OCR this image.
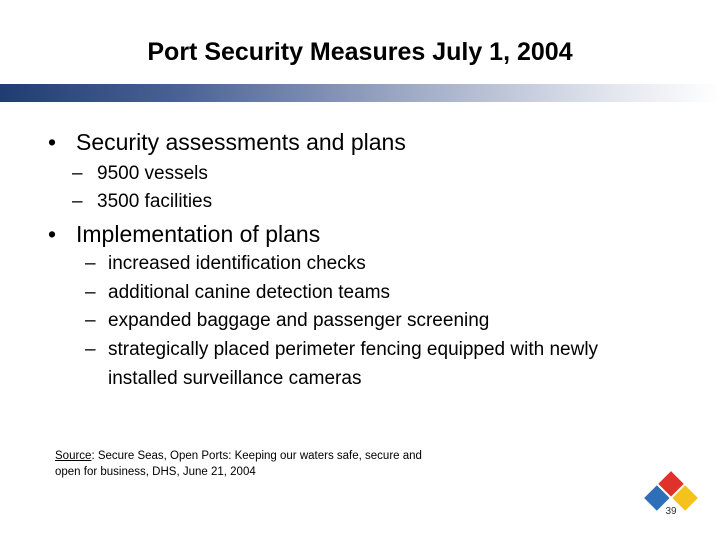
Port Security Measures July 1, 2004
• Security assessments and plans
– 9500 vessels
– 3500 facilities
• Implementation of plans
– increased identification checks
– additional canine detection teams
– expanded baggage and passenger screening
– strategically placed perimeter fencing equipped with newly
installed surveillance cameras
Source: Secure Seas, Open Ports: Keeping our waters safe, secure and
open for business, DHS, June 21, 2004
39
